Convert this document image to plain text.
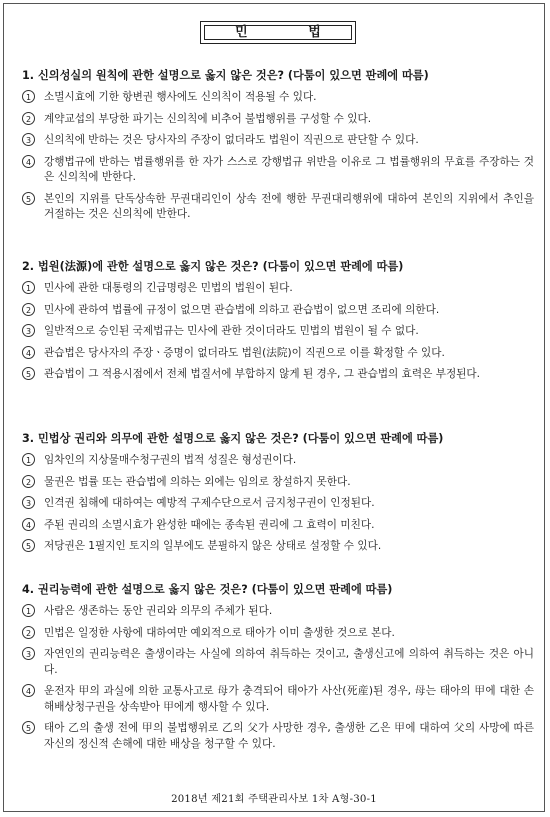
민 법
1. 신의성실의 원칙에 관한 설명으로 옳지 않은 것은? (다툼이 있으면 판례에 따름)
1	소멸시효에 기한 항변권 행사에도 신의칙이 적용될 수 있다.
2	계약교섭의 부당한 파기는 신의칙에 비추어 불법행위를 구성할 수 있다.
3	신의칙에 반하는 것은 당사자의 주장이 없더라도 법원이 직권으로 판단할 수 있다.
4	강행법규에 반하는 법률행위를 한 자가 스스로 강행법규 위반을 이유로 그 법률행위의 무효를 주장하는 것은 신의칙에 반한다.
5	본인의 지위를 단독상속한 무권대리인이 상속 전에 행한 무권대리행위에 대하여 본인의 지위에서 추인을 거절하는 것은 신의칙에 반한다.
2. 법원(法源)에 관한 설명으로 옳지 않은 것은? (다툼이 있으면 판례에 따름)
1	민사에 관한 대통령의 긴급명령은 민법의 법원이 된다.
2	민사에 관하여 법률에 규정이 없으면 관습법에 의하고 관습법이 없으면 조리에 의한다.
3	일반적으로 승인된 국제법규는 민사에 관한 것이더라도 민법의 법원이 될 수 없다.
4	관습법은 당사자의 주장ㆍ증명이 없더라도 법원(法院)이 직권으로 이를 확정할 수 있다.
5	관습법이 그 적용시점에서 전체 법질서에 부합하지 않게 된 경우, 그 관습법의 효력은 부정된다.
3. 민법상 권리와 의무에 관한 설명으로 옳지 않은 것은? (다툼이 있으면 판례에 따름)
1	임차인의 지상물매수청구권의 법적 성질은 형성권이다.
2	물권은 법률 또는 관습법에 의하는 외에는 임의로 창설하지 못한다.
3	인격권 침해에 대하여는 예방적 구제수단으로서 금지청구권이 인정된다.
4	주된 권리의 소멸시효가 완성한 때에는 종속된 권리에 그 효력이 미친다.
5	저당권은 1필지인 토지의 일부에도 분필하지 않은 상태로 설정할 수 있다.
4. 권리능력에 관한 설명으로 옳지 않은 것은? (다툼이 있으면 판례에 따름)
1	사람은 생존하는 동안 권리와 의무의 주체가 된다.
2	민법은 일정한 사항에 대하여만 예외적으로 태아가 이미 출생한 것으로 본다.
3	자연인의 권리능력은 출생이라는 사실에 의하여 취득하는 것이고, 출생신고에 의하여 취득하는 것은 아니다.
4	운전자 甲의 과실에 의한 교통사고로 母가 충격되어 태아가 사산(死産)된 경우, 母는 태아의 甲에 대한 손해배상청구권을 상속받아 甲에게 행사할 수 있다.
5	태아 乙의 출생 전에 甲의 불법행위로 乙의 父가 사망한 경우, 출생한 乙은 甲에 대하여 父의 사망에 따른 자신의 정신적 손해에 대한 배상을 청구할 수 있다.
2018년 제21회 주택관리사보 1차 A형-30-1
